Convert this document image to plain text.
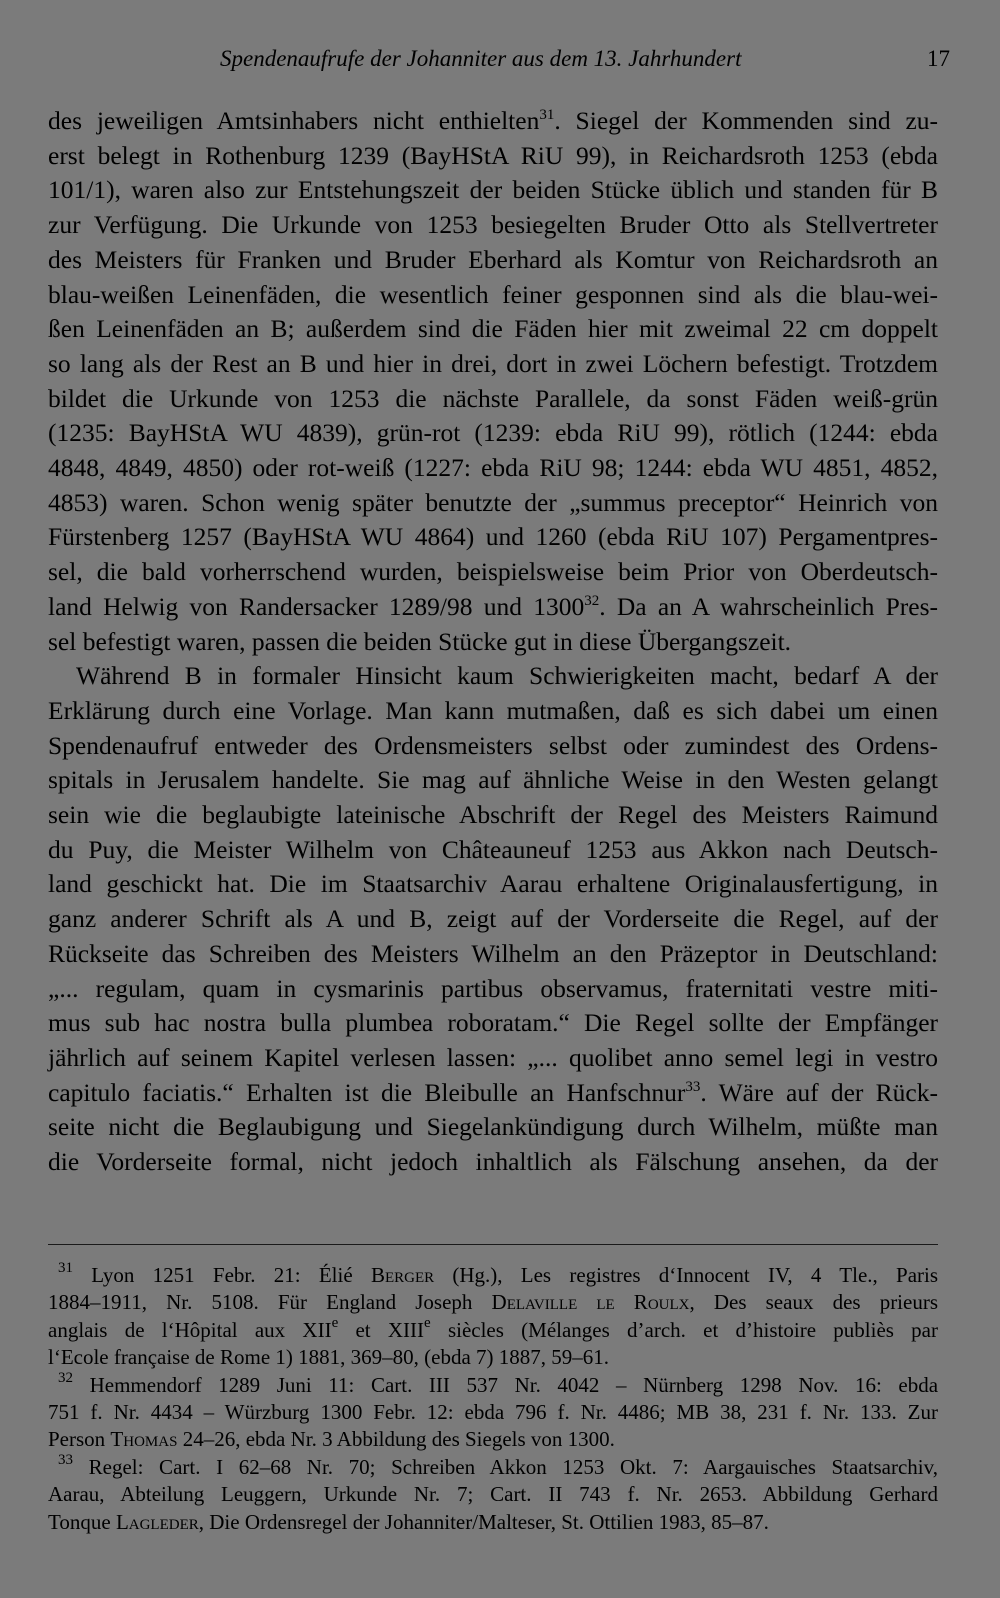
Spendenaufrufe der Johanniter aus dem 13. Jahrhundert	17

des jeweiligen Amtsinhabers nicht enthielten$^{31}$. Siegel der Kommenden sind zu-
erst belegt in Rothenburg 1239 (BayHStA RiU 99), in Reichardsroth 1253 (ebda
101/1), waren also zur Entstehungszeit der beiden Stücke üblich und standen für B
zur Verfügung. Die Urkunde von 1253 besiegelten Bruder Otto als Stellvertreter
des Meisters für Franken und Bruder Eberhard als Komtur von Reichardsroth an
blau-weißen Leinenfäden, die wesentlich feiner gesponnen sind als die blau-wei-
ßen Leinenfäden an B; außerdem sind die Fäden hier mit zweimal 22 cm doppelt
so lang als der Rest an B und hier in drei, dort in zwei Löchern befestigt. Trotzdem
bildet die Urkunde von 1253 die nächste Parallele, da sonst Fäden weiß-grün
(1235: BayHStA WU 4839), grün-rot (1239: ebda RiU 99), rötlich (1244: ebda
4848, 4849, 4850) oder rot-weiß (1227: ebda RiU 98; 1244: ebda WU 4851, 4852,
4853) waren. Schon wenig später benutzte der „summus preceptor“ Heinrich von
Fürstenberg 1257 (BayHStA WU 4864) und 1260 (ebda RiU 107) Pergamentpres-
sel, die bald vorherrschend wurden, beispielsweise beim Prior von Oberdeutsch-
land Helwig von Randersacker 1289/98 und 1300$^{32}$. Da an A wahrscheinlich Pres-
sel befestigt waren, passen die beiden Stücke gut in diese Übergangszeit.

Während B in formaler Hinsicht kaum Schwierigkeiten macht, bedarf A der
Erklärung durch eine Vorlage. Man kann mutmaßen, daß es sich dabei um einen
Spendenaufruf entweder des Ordensmeisters selbst oder zumindest des Ordens-
spitals in Jerusalem handelte. Sie mag auf ähnliche Weise in den Westen gelangt
sein wie die beglaubigte lateinische Abschrift der Regel des Meisters Raimund
du Puy, die Meister Wilhelm von Châteauneuf 1253 aus Akkon nach Deutsch-
land geschickt hat. Die im Staatsarchiv Aarau erhaltene Originalausfertigung, in
ganz anderer Schrift als A und B, zeigt auf der Vorderseite die Regel, auf der
Rückseite das Schreiben des Meisters Wilhelm an den Präzeptor in Deutschland:
„... regulam, quam in cysmarinis partibus observamus, fraternitati vestre miti-
mus sub hac nostra bulla plumbea roboratam.“ Die Regel sollte der Empfänger
jährlich auf seinem Kapitel verlesen lassen: „... quolibet anno semel legi in vestro
capitulo faciatis.“ Erhalten ist die Bleibulle an Hanfschnur$^{33}$. Wäre auf der Rück-
seite nicht die Beglaubigung und Siegelankündigung durch Wilhelm, müßte man
die Vorderseite formal, nicht jedoch inhaltlich als Fälschung ansehen, da der

$^{31}$ Lyon 1251 Febr. 21: Élié Berger (Hg.), Les registres d‘Innocent IV, 4 Tle., Paris
1884–1911, Nr. 5108. Für England Joseph Delaville le Roulx, Des seaux des prieurs
anglais de l‘Hôpital aux XIIe et XIIIe siècles (Mélanges d’arch. et d’histoire publiès par
l‘Ecole française de Rome 1) 1881, 369–80, (ebda 7) 1887, 59–61.
$^{32}$ Hemmendorf 1289 Juni 11: Cart. III 537 Nr. 4042 – Nürnberg 1298 Nov. 16: ebda
751 f. Nr. 4434 – Würzburg 1300 Febr. 12: ebda 796 f. Nr. 4486; MB 38, 231 f. Nr. 133. Zur
Person Thomas 24–26, ebda Nr. 3 Abbildung des Siegels von 1300.
$^{33}$ Regel: Cart. I 62–68 Nr. 70; Schreiben Akkon 1253 Okt. 7: Aargauisches Staatsarchiv,
Aarau, Abteilung Leuggern, Urkunde Nr. 7; Cart. II 743 f. Nr. 2653. Abbildung Gerhard
Tonque Lagleder, Die Ordensregel der Johanniter/Malteser, St. Ottilien 1983, 85–87.
